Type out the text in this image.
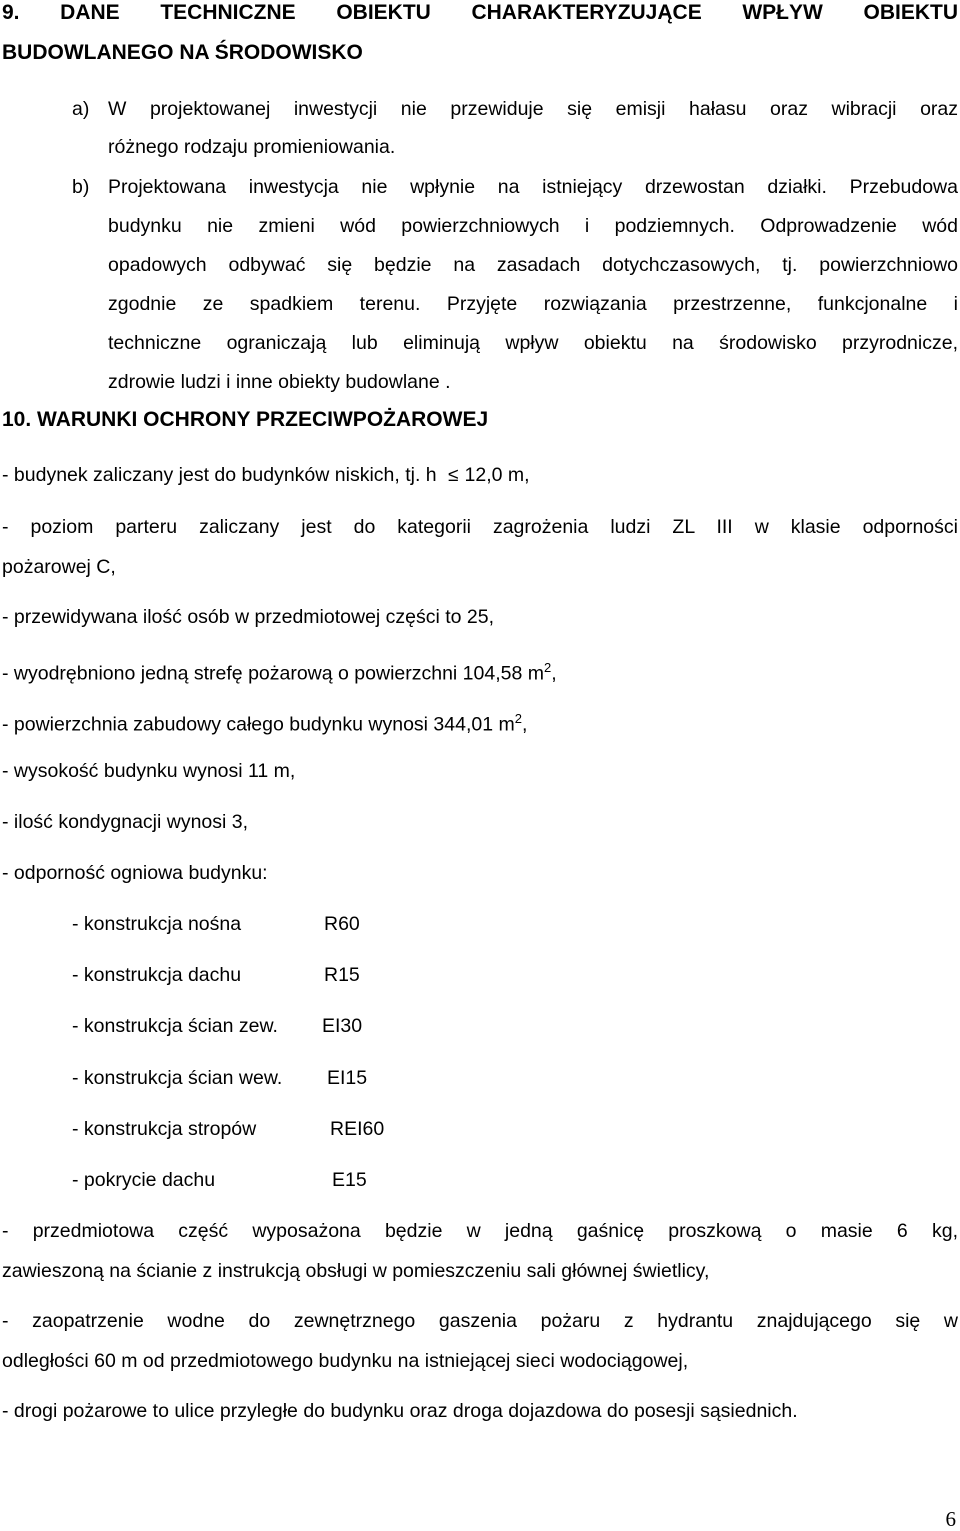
9. DANE TECHNICZNE OBIEKTU CHARAKTERYZUJĄCE WPŁYW OBIEKTU
BUDOWLANEGO NA ŚRODOWISKO
a) W projektowanej inwestycji nie przewiduje się emisji hałasu oraz wibracji oraz
różnego rodzaju promieniowania.
b) Projektowana inwestycja nie wpłynie na istniejący drzewostan działki. Przebudowa
budynku nie zmieni wód powierzchniowych i podziemnych. Odprowadzenie wód
opadowych odbywać się będzie na zasadach dotychczasowych, tj. powierzchniowo
zgodnie ze spadkiem terenu. Przyjęte rozwiązania przestrzenne, funkcjonalne i
techniczne ograniczają lub eliminują wpływ obiektu na środowisko przyrodnicze,
zdrowie ludzi i inne obiekty budowlane .
10. WARUNKI OCHRONY PRZECIWPOŻAROWEJ
- budynek zaliczany jest do budynków niskich, tj. h ≤ 12,0 m,
- poziom parteru zaliczany jest do kategorii zagrożenia ludzi ZL III w klasie odporności
pożarowej C,
- przewidywana ilość osób w przedmiotowej części to 25,
- wyodrębniono jedną strefę pożarową o powierzchni 104,58 $m^2$,
- powierzchnia zabudowy całego budynku wynosi 344,01 $m^2$,
- wysokość budynku wynosi 11 m,
- ilość kondygnacji wynosi 3,
- odporność ogniowa budynku:
- konstrukcja nośna	R60
- konstrukcja dachu	R15
- konstrukcja ścian zew. EI30
- konstrukcja ścian wew. EI15
- konstrukcja stropów	REI60
- pokrycie dachu	E15
- przedmiotowa część wyposażona będzie w jedną gaśnicę proszkową o masie 6 kg,
zawieszoną na ścianie z instrukcją obsługi w pomieszczeniu sali głównej świetlicy,
- zaopatrzenie wodne do zewnętrznego gaszenia pożaru z hydrantu znajdującego się w
odległości 60 m od przedmiotowego budynku na istniejącej sieci wodociągowej,
- drogi pożarowe to ulice przyległe do budynku oraz droga dojazdowa do posesji sąsiednich.
6
